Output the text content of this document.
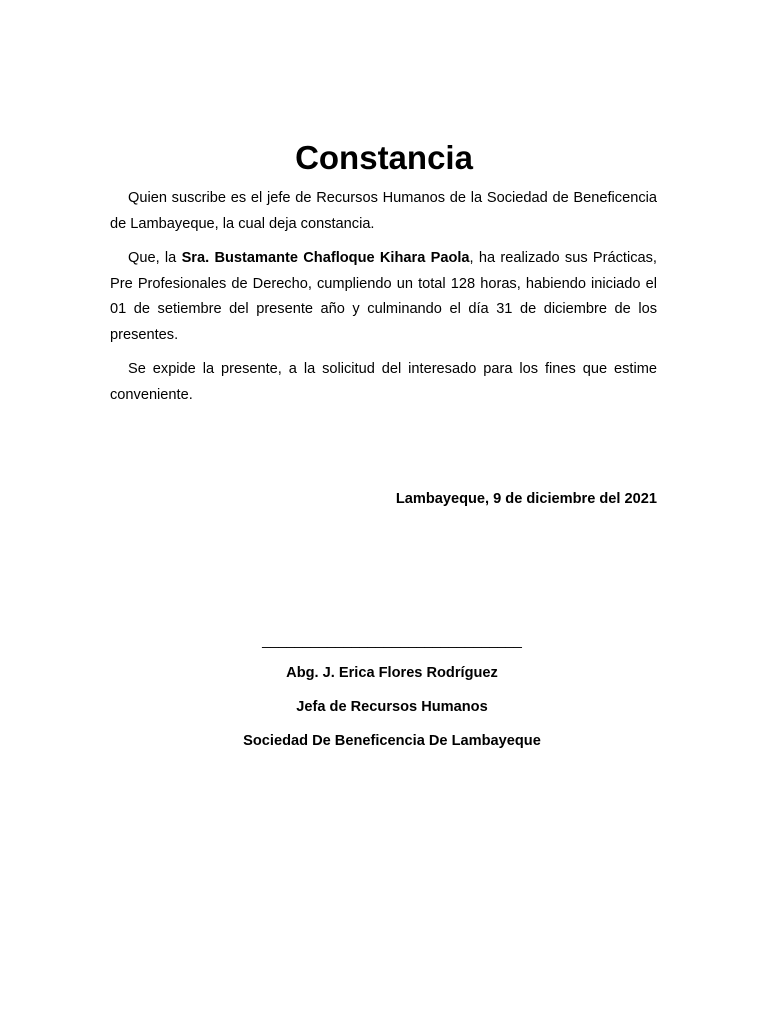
Constancia

Quien suscribe es el jefe de Recursos Humanos de la Sociedad de Beneficencia de Lambayeque, la cual deja constancia.

Que, la Sra. Bustamante Chafloque Kihara Paola, ha realizado sus Prácticas, Pre Profesionales de Derecho, cumpliendo un total 128 horas, habiendo iniciado el 01 de setiembre del presente año y culminando el día 31 de diciembre de los presentes.

Se expide la presente, a la solicitud del interesado para los fines que estime conveniente.

Lambayeque, 9 de diciembre del 2021
________________________________
Abg. J. Erica Flores Rodríguez
Jefa de Recursos Humanos
Sociedad De Beneficencia De Lambayeque
